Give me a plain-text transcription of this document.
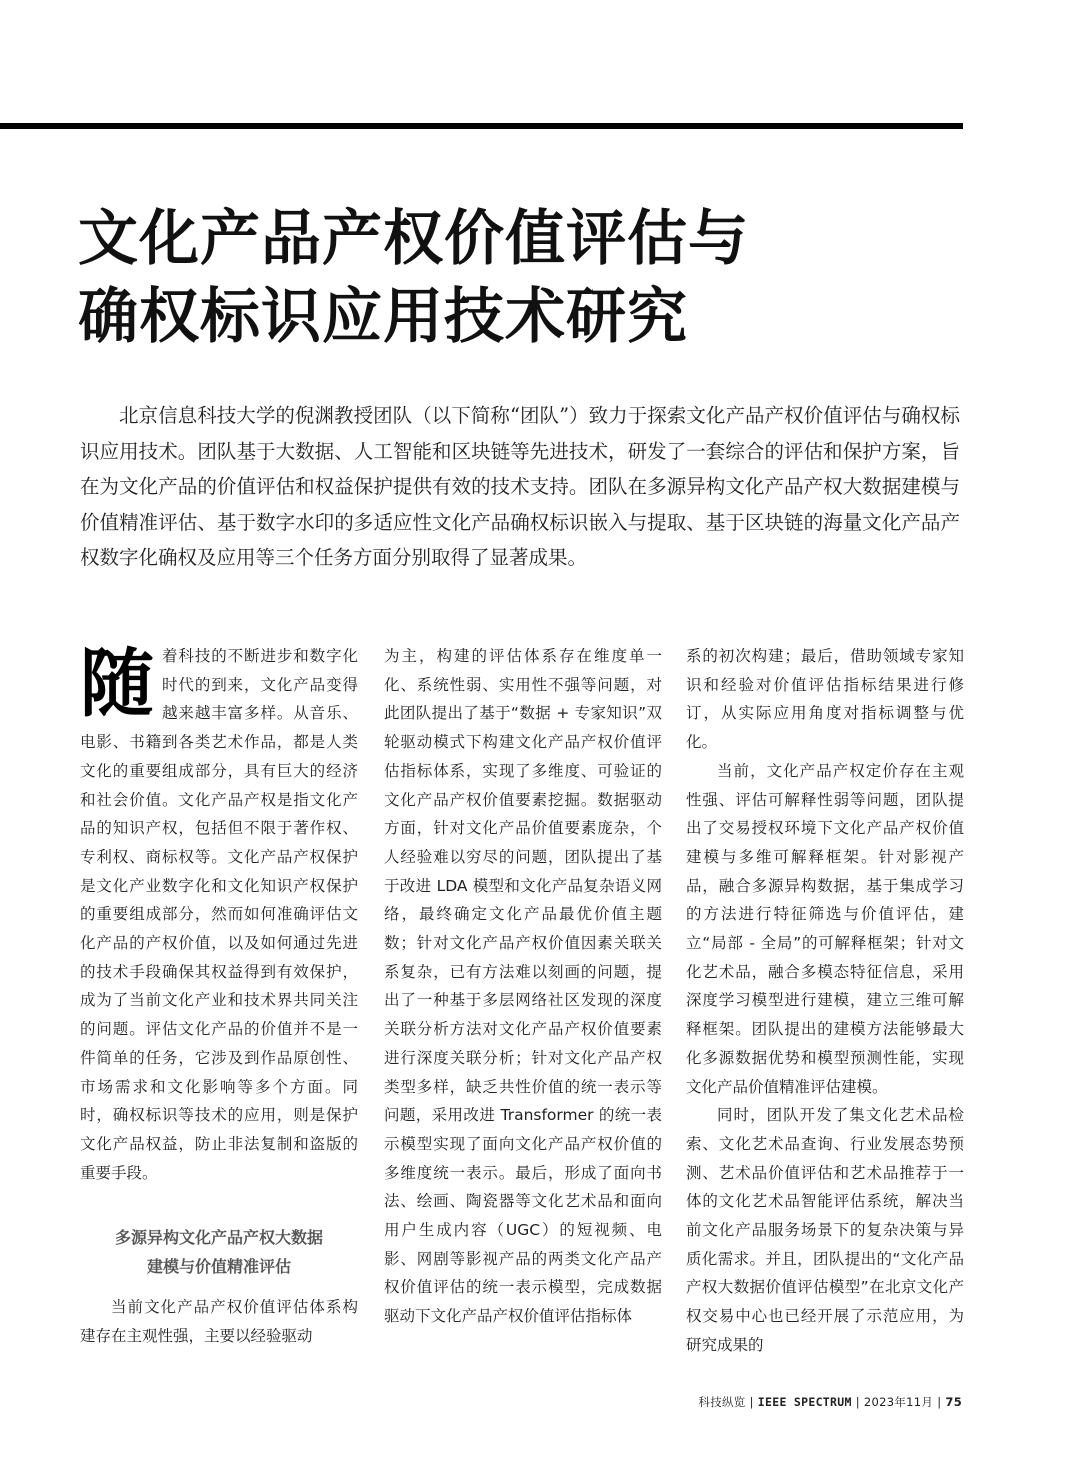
文化产品产权价值评估与
确权标识应用技术研究

北京信息科技大学的倪渊教授团队（以下简称“团队”）致力于探索文化产品产权价值评估与确权标识应用技术。团队基于大数据、人工智能和区块链等先进技术，研发了一套综合的评估和保护方案，旨在为文化产品的价值评估和权益保护提供有效的技术支持。团队在多源异构文化产品产权大数据建模与价值精准评估、基于数字水印的多适应性文化产品确权标识嵌入与提取、基于区块链的海量文化产品产权数字化确权及应用等三个任务方面分别取得了显著成果。

随 着科技的不断进步和数字化时代的到来，文化产品变得越来越丰富多样。从音乐、电影、书籍到各类艺术作品，都是人类文化的重要组成部分，具有巨大的经济和社会价值。文化产品产权是指文化产品的知识产权，包括但不限于著作权、专利权、商标权等。文化产品产权保护是文化产业数字化和文化知识产权保护的重要组成部分，然而如何准确评估文化产品的产权价值，以及如何通过先进的技术手段确保其权益得到有效保护，成为了当前文化产业和技术界共同关注的问题。评估文化产品的价值并不是一件简单的任务，它涉及到作品原创性、市场需求和文化影响等多个方面。同时，确权标识等技术的应用，则是保护文化产品权益，防止非法复制和盗版的重要手段。

多源异构文化产品产权大数据
建模与价值精准评估

当前文化产品产权价值评估体系构建存在主观性强，主要以经验驱动

为主，构建的评估体系存在维度单一化、系统性弱、实用性不强等问题，对此团队提出了基于“数据 + 专家知识”双轮驱动模式下构建文化产品产权价值评估指标体系，实现了多维度、可验证的文化产品产权价值要素挖掘。数据驱动方面，针对文化产品价值要素庞杂，个人经验难以穷尽的问题，团队提出了基于改进 LDA 模型和文化产品复杂语义网络，最终确定文化产品最优价值主题数；针对文化产品产权价值因素关联关系复杂，已有方法难以刻画的问题，提出了一种基于多层网络社区发现的深度关联分析方法对文化产品产权价值要素进行深度关联分析；针对文化产品产权类型多样，缺乏共性价值的统一表示等问题，采用改进 Transformer 的统一表示模型实现了面向文化产品产权价值的多维度统一表示。最后，形成了面向书法、绘画、陶瓷器等文化艺术品和面向用户生成内容（UGC）的短视频、电影、网剧等影视产品的两类文化产品产权价值评估的统一表示模型，完成数据驱动下文化产品产权价值评估指标体

系的初次构建；最后，借助领域专家知识和经验对价值评估指标结果进行修订，从实际应用角度对指标调整与优化。

当前，文化产品产权定价存在主观性强、评估可解释性弱等问题，团队提出了交易授权环境下文化产品产权价值建模与多维可解释框架。针对影视产品，融合多源异构数据，基于集成学习的方法进行特征筛选与价值评估，建立“局部 - 全局”的可解释框架；针对文化艺术品，融合多模态特征信息，采用深度学习模型进行建模，建立三维可解释框架。团队提出的建模方法能够最大化多源数据优势和模型预测性能，实现文化产品价值精准评估建模。

同时，团队开发了集文化艺术品检索、文化艺术品查询、行业发展态势预测、艺术品价值评估和艺术品推荐于一体的文化艺术品智能评估系统，解决当前文化产品服务场景下的复杂决策与异质化需求。并且，团队提出的“文化产品产权大数据价值评估模型”在北京文化产权交易中心也已经开展了示范应用，为研究成果的

科技纵览 | IEEE SPECTRUM | 2023年11月 | 75
